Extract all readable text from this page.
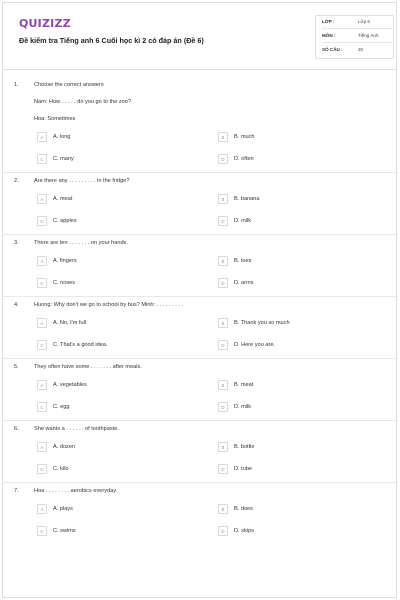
QUIZIZZ
Đề kiểm tra Tiếng anh 6 Cuối học kì 2 có đáp án (Đề 6)
LỚP :	Lớp 6
MÔN :	Tiếng Anh
SỐ CÂU :	20
1.	Choose the correct answers
Nam: How . . . . . do you go to the zoo?
Hoa: Sometimes
A	A. long	B	B. much
C	C. many	D	D. often
2.	Are there any . . . . . . . . . in the fridge?
A	A. meat	B	B. banana
C	C. apples	D	D. milk
3.	There are ten . . . . . . . on your hands.
A	A. fingers	B	B. toes
C	C. noses	D	D. arms
4.	Huong: Why don't we go to school by bus? Minh: . . . . . . . . .
A	A. No, I'm full	B	B. Thank you so much
C	C. That's a good idea.	D	D. Here you are.
5.	They often have some . . . . . . . after meals.
A	A. vegetables	B	B. meat
C	C. egg	D	D. milk
6.	She wants a . . . . . . of toothpaste.
A	A. dozen	B	B. bottle
C	C. kilo	D	D. tube
7.	Hoa . . . . . . . . aerobics everyday.
A	A. plays	B	B. does
C	C. swims	D	D. skips
